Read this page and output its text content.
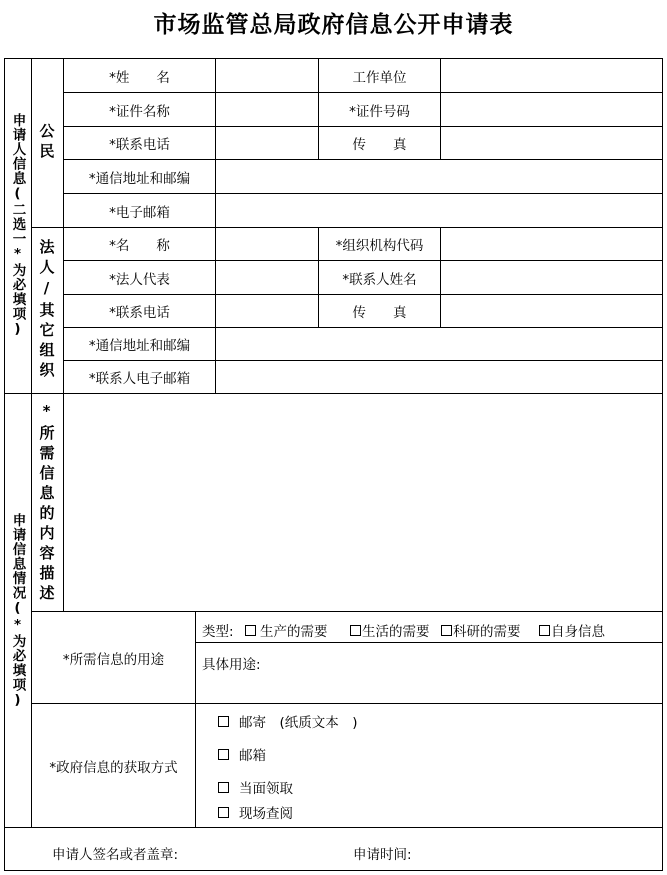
市场监管总局政府信息公开申请表
申请人信息(二选一*为必填项)
申请信息情况(*为必填项)
公民
法人/其它组织
*所需信息的内容描述
*姓　　名	工作单位
*证件名称	*证件号码
*联系电话	传　　真
*通信地址和邮编
*电子邮箱
*名　　称	*组织机构代码
*法人代表	*联系人姓名
*联系电话	传　　真
*通信地址和邮编
*联系人电子邮箱
*所需信息的用途
类型: 生产的需要	生活的需要 科研的需要 自身信息
具体用途:
*政府信息的获取方式
邮寄　(纸质文本　)
邮箱
当面领取
现场查阅
申请人签名或者盖章:	申请时间:
